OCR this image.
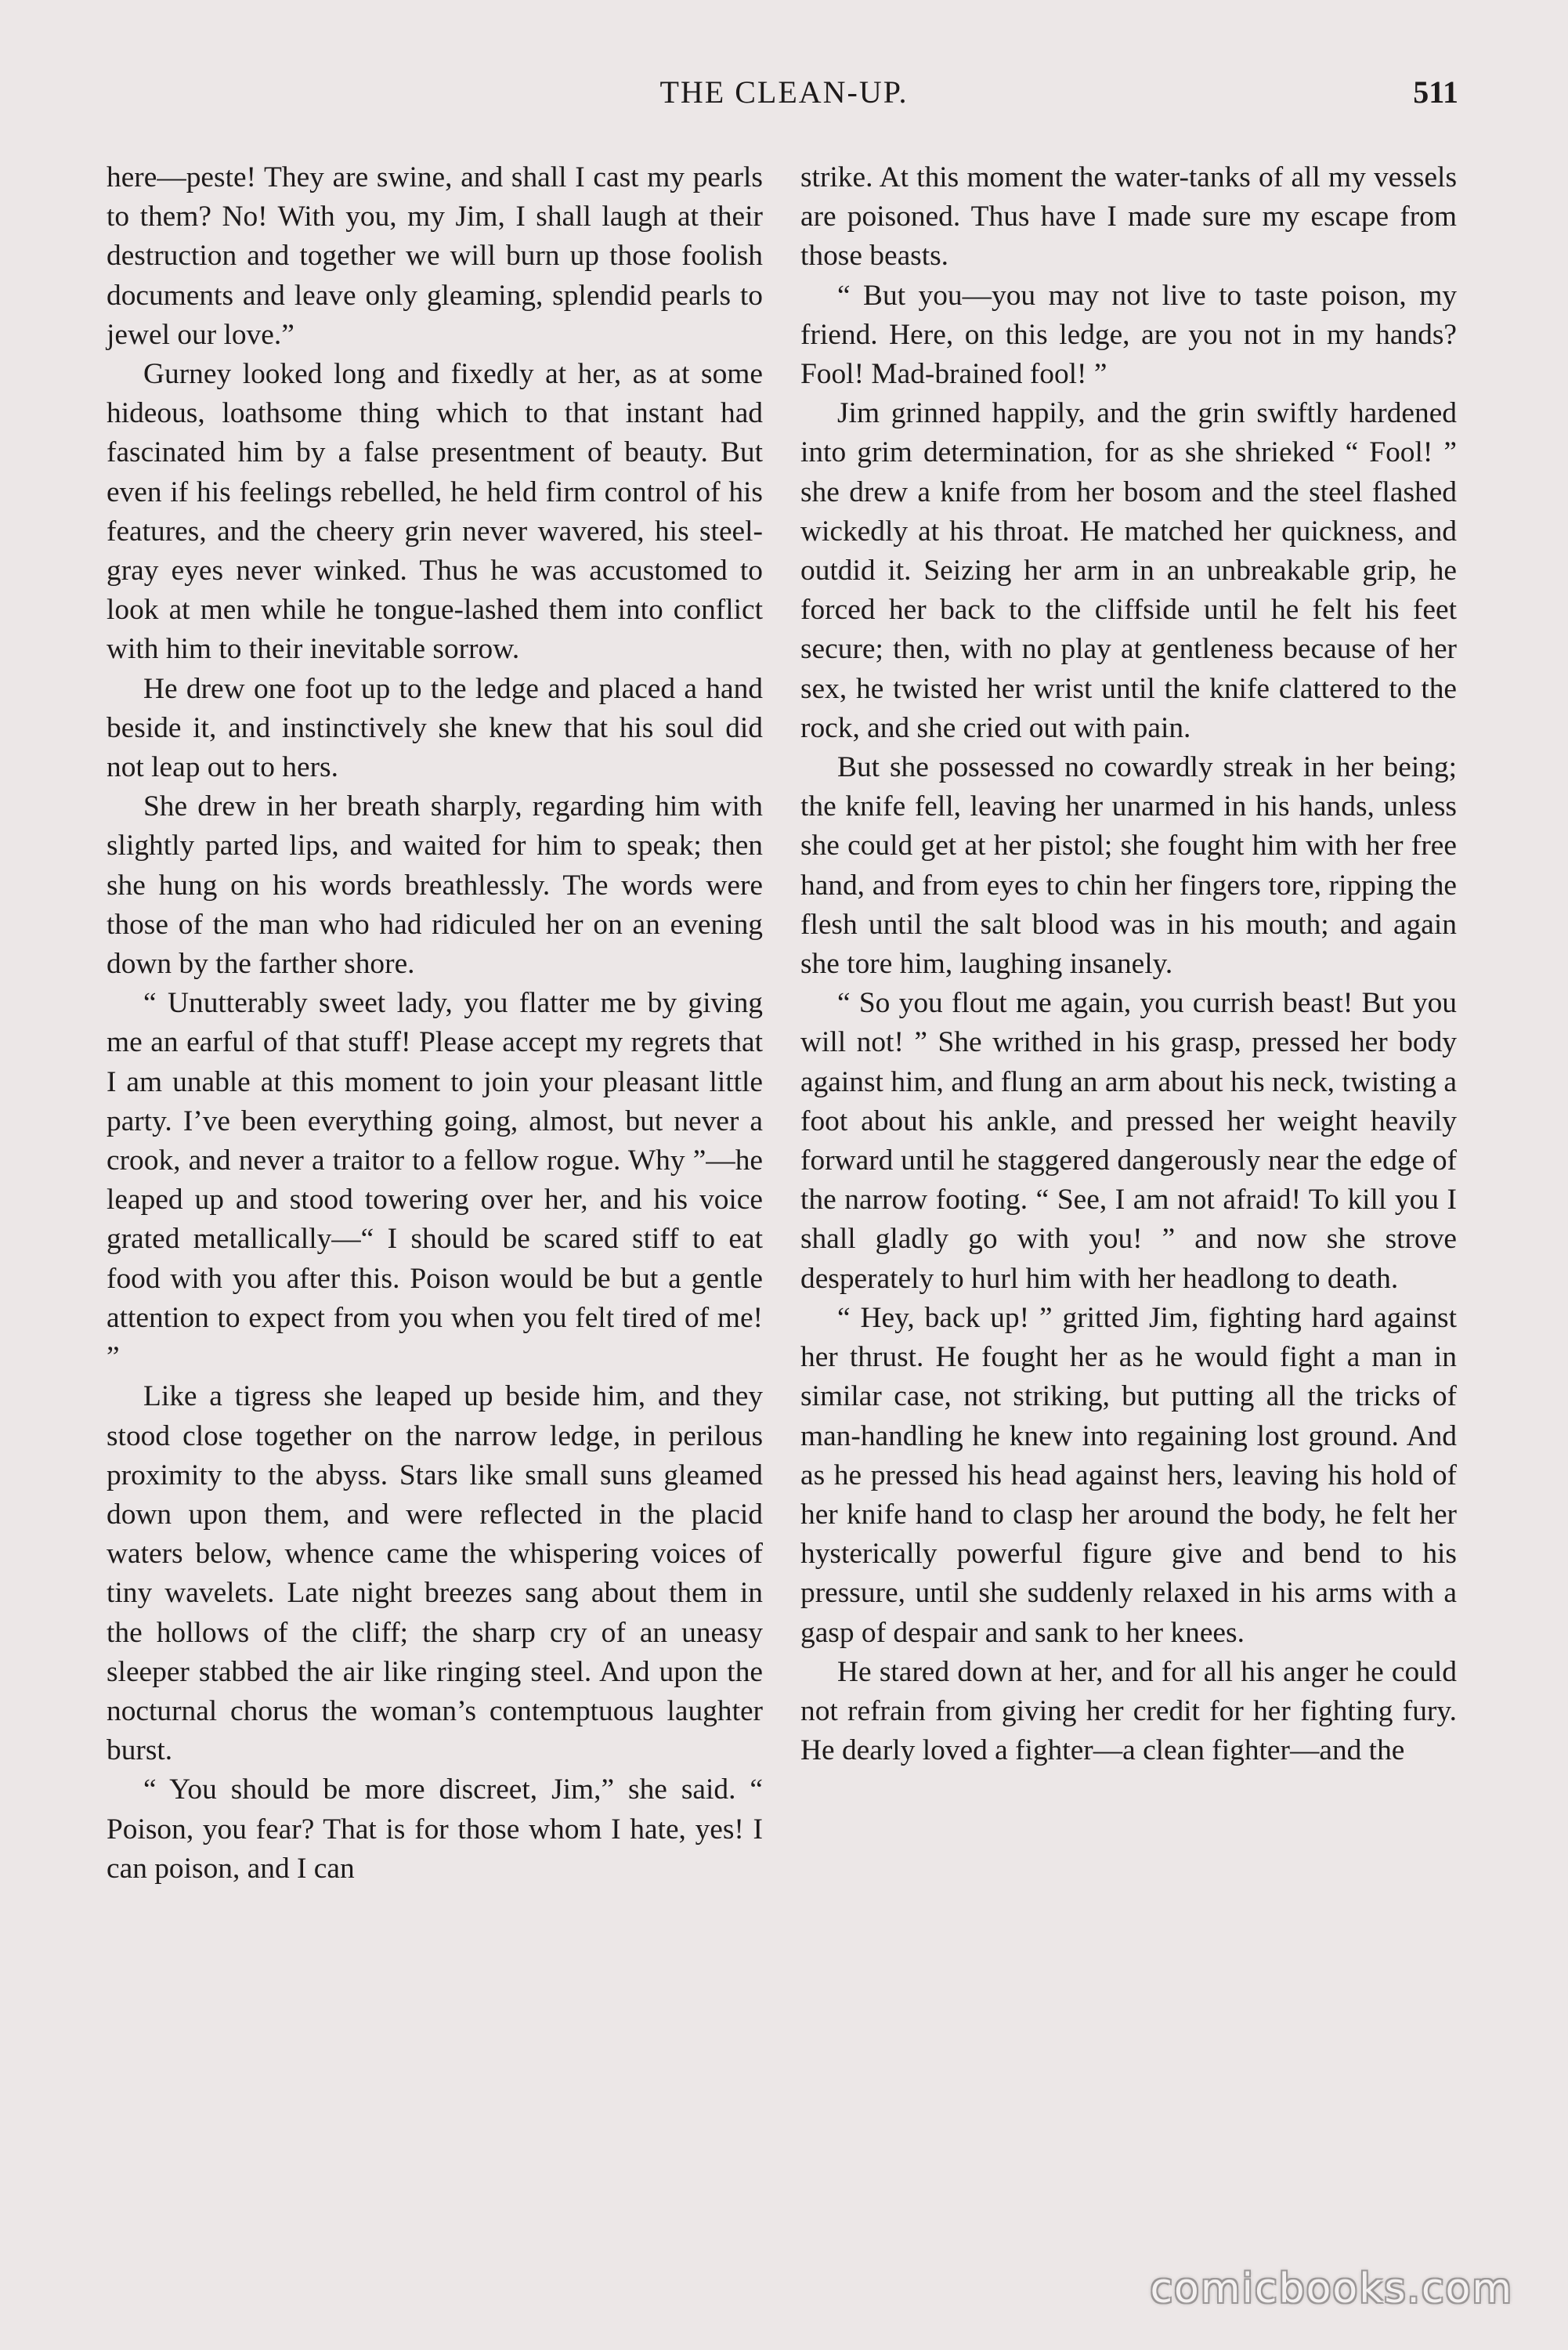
THE CLEAN-UP.	511

here—peste! They are swine, and shall I cast my pearls to them? No! With you, my Jim, I shall laugh at their destruction and together we will burn up those foolish documents and leave only gleaming, splendid pearls to jewel our love.”

Gurney looked long and fixedly at her, as at some hideous, loathsome thing which to that instant had fascinated him by a false presentment of beauty. But even if his feelings rebelled, he held firm control of his features, and the cheery grin never wavered, his steel-gray eyes never winked. Thus he was accustomed to look at men while he tongue-lashed them into conflict with him to their inevitable sorrow.

He drew one foot up to the ledge and placed a hand beside it, and instinctively she knew that his soul did not leap out to hers.

She drew in her breath sharply, regarding him with slightly parted lips, and waited for him to speak; then she hung on his words breathlessly. The words were those of the man who had ridiculed her on an evening down by the farther shore.

“ Unutterably sweet lady, you flatter me by giving me an earful of that stuff! Please accept my regrets that I am unable at this moment to join your pleasant little party. I’ve been everything going, almost, but never a crook, and never a traitor to a fellow rogue. Why ”—he leaped up and stood towering over her, and his voice grated metallically—“ I should be scared stiff to eat food with you after this. Poison would be but a gentle attention to expect from you when you felt tired of me! ”

Like a tigress she leaped up beside him, and they stood close together on the narrow ledge, in perilous proximity to the abyss. Stars like small suns gleamed down upon them, and were reflected in the placid waters below, whence came the whispering voices of tiny wavelets. Late night breezes sang about them in the hollows of the cliff; the sharp cry of an uneasy sleeper stabbed the air like ringing steel. And upon the nocturnal chorus the woman’s contemptuous laughter burst.

“ You should be more discreet, Jim,” she said. “ Poison, you fear? That is for those whom I hate, yes! I can poison, and I can

strike. At this moment the water-tanks of all my vessels are poisoned. Thus have I made sure my escape from those beasts.

“ But you—you may not live to taste poison, my friend. Here, on this ledge, are you not in my hands? Fool! Mad-brained fool! ”

Jim grinned happily, and the grin swiftly hardened into grim determination, for as she shrieked “ Fool! ” she drew a knife from her bosom and the steel flashed wickedly at his throat. He matched her quickness, and outdid it. Seizing her arm in an unbreakable grip, he forced her back to the cliffside until he felt his feet secure; then, with no play at gentleness because of her sex, he twisted her wrist until the knife clattered to the rock, and she cried out with pain.

But she possessed no cowardly streak in her being; the knife fell, leaving her unarmed in his hands, unless she could get at her pistol; she fought him with her free hand, and from eyes to chin her fingers tore, ripping the flesh until the salt blood was in his mouth; and again she tore him, laughing insanely.

“ So you flout me again, you currish beast! But you will not! ” She writhed in his grasp, pressed her body against him, and flung an arm about his neck, twisting a foot about his ankle, and pressed her weight heavily forward until he staggered dangerously near the edge of the narrow footing. “ See, I am not afraid! To kill you I shall gladly go with you! ” and now she strove desperately to hurl him with her headlong to death.

“ Hey, back up! ” gritted Jim, fighting hard against her thrust. He fought her as he would fight a man in similar case, not striking, but putting all the tricks of man-handling he knew into regaining lost ground. And as he pressed his head against hers, leaving his hold of her knife hand to clasp her around the body, he felt her hysterically powerful figure give and bend to his pressure, until she suddenly relaxed in his arms with a gasp of despair and sank to her knees.

He stared down at her, and for all his anger he could not refrain from giving her credit for her fighting fury. He dearly loved a fighter—a clean fighter—and the

comicbooks.com
